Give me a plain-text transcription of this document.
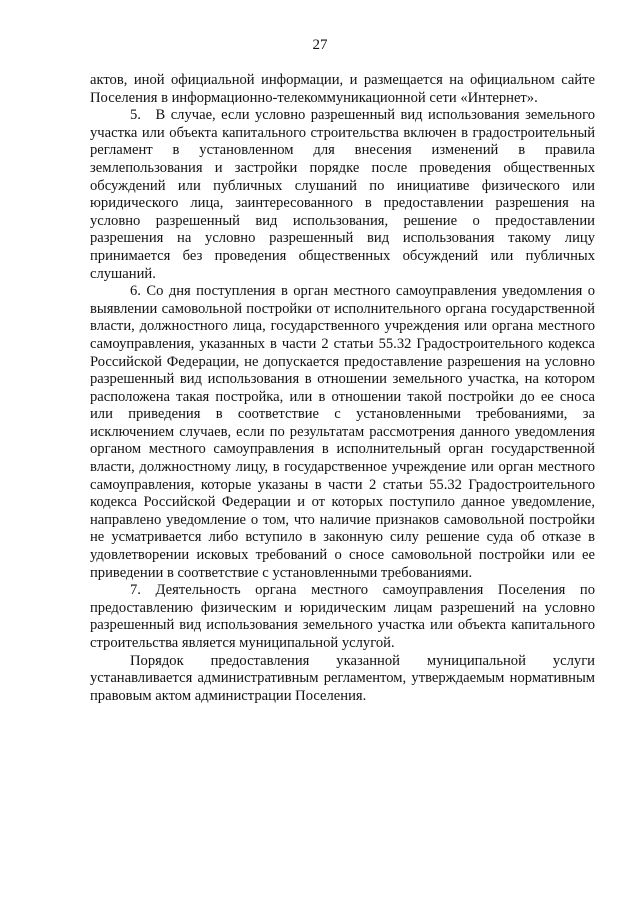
27

актов, иной официальной информации, и размещается на официальном сайте Поселения в информационно-телекоммуникационной сети «Интернет».

5. В случае, если условно разрешенный вид использования земельного участка или объекта капитального строительства включен в градостроительный регламент в установленном для внесения изменений в правила землепользования и застройки порядке после проведения общественных обсуждений или публичных слушаний по инициативе физического или юридического лица, заинтересованного в предоставлении разрешения на условно разрешенный вид использования, решение о предоставлении разрешения на условно разрешенный вид использования такому лицу принимается без проведения общественных обсуждений или публичных слушаний.

6. Со дня поступления в орган местного самоуправления уведомления о выявлении самовольной постройки от исполнительного органа государственной власти, должностного лица, государственного учреждения или органа местного самоуправления, указанных в части 2 статьи 55.32 Градостроительного кодекса Российской Федерации, не допускается предоставление разрешения на условно разрешенный вид использования в отношении земельного участка, на котором расположена такая постройка, или в отношении такой постройки до ее сноса или приведения в соответствие с установленными требованиями, за исключением случаев, если по результатам рассмотрения данного уведомления органом местного самоуправления в исполнительный орган государственной власти, должностному лицу, в государственное учреждение или орган местного самоуправления, которые указаны в части 2 статьи 55.32 Градостроительного кодекса Российской Федерации и от которых поступило данное уведомление, направлено уведомление о том, что наличие признаков самовольной постройки не усматривается либо вступило в законную силу решение суда об отказе в удовлетворении исковых требований о сносе самовольной постройки или ее приведении в соответствие с установленными требованиями.

7. Деятельность органа местного самоуправления Поселения по предоставлению физическим и юридическим лицам разрешений на условно разрешенный вид использования земельного участка или объекта капитального строительства является муниципальной услугой.

Порядок предоставления указанной муниципальной услуги устанавливается административным регламентом, утверждаемым нормативным правовым актом администрации Поселения.
